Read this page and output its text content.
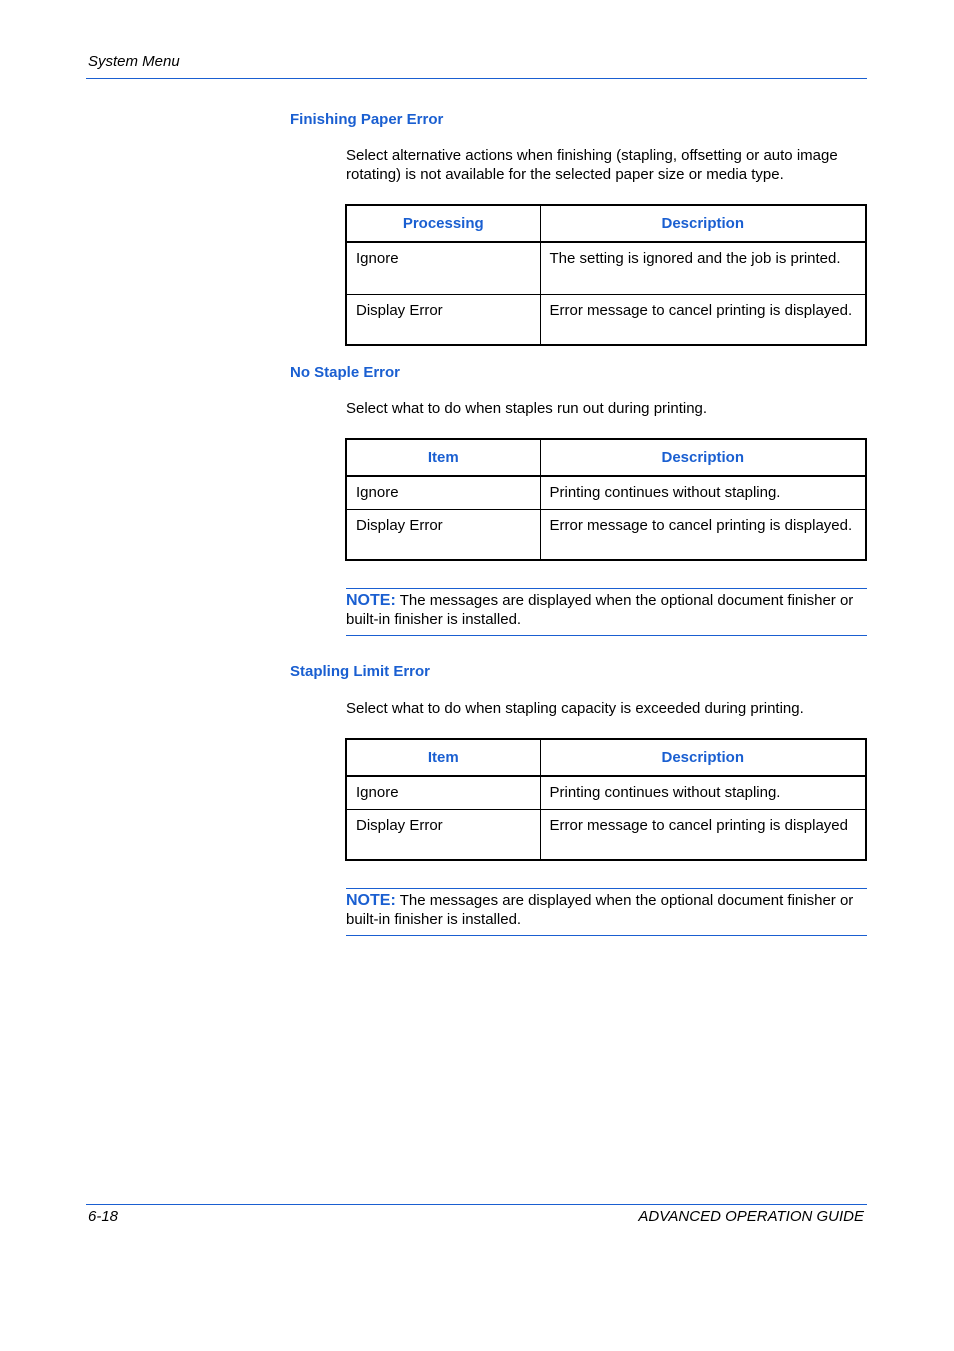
System Menu
Finishing Paper Error
Select alternative actions when finishing (stapling, offsetting or auto image rotating) is not available for the selected paper size or media type.
Processing	Description
Ignore	The setting is ignored and the job is printed.
Display Error	Error message to cancel printing is displayed.
No Staple Error
Select what to do when staples run out during printing.
Item	Description
Ignore	Printing continues without stapling.
Display Error	Error message to cancel printing is displayed.
NOTE: The messages are displayed when the optional document finisher or built-in finisher is installed.
Stapling Limit Error
Select what to do when stapling capacity is exceeded during printing.
Item	Description
Ignore	Printing continues without stapling.
Display Error	Error message to cancel printing is displayed
NOTE: The messages are displayed when the optional document finisher or built-in finisher is installed.
6-18	ADVANCED OPERATION GUIDE
